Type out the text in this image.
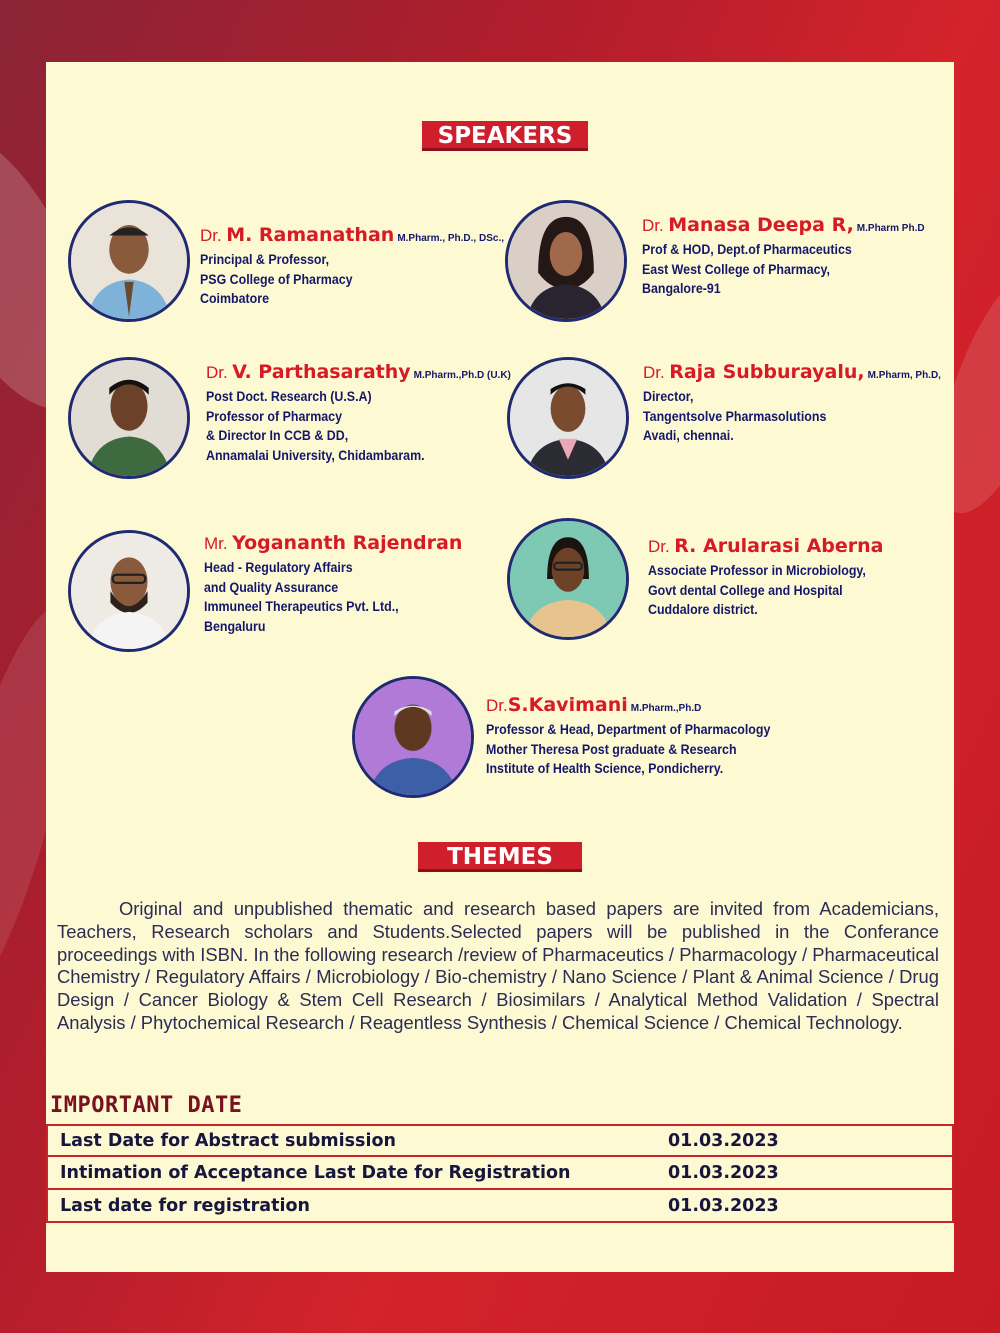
SPEAKERS
Dr. M. Ramanathan M.Pharm., Ph.D., DSc.,
Principal & Professor,
PSG College of Pharmacy
Coimbatore
Dr. Manasa Deepa R, M.Pharm Ph.D
Prof & HOD, Dept.of Pharmaceutics
East West College of Pharmacy,
Bangalore-91
Dr. V. Parthasarathy M.Pharm.,Ph.D (U.K)
Post Doct. Research (U.S.A)
Professor of Pharmacy
& Director In CCB & DD,
Annamalai University, Chidambaram.
Dr. Raja Subburayalu, M.Pharm, Ph.D,
Director,
Tangentsolve Pharmasolutions
Avadi, chennai.
Mr. Yogananth Rajendran
Head - Regulatory Affairs
and Quality Assurance
Immuneel Therapeutics Pvt. Ltd.,
Bengaluru
Dr. R. Arularasi Aberna
Associate Professor in Microbiology,
Govt dental College and Hospital
Cuddalore district.
Dr.S.Kavimani M.Pharm.,Ph.D
Professor & Head, Department of Pharmacology
Mother Theresa Post graduate & Research
Institute of Health Science, Pondicherry.
THEMES

Original and unpublished thematic and research based papers are invited from Academicians, Teachers, Research scholars and Students.Selected papers will be published in the Conferance proceedings with ISBN. In the following research /review of Pharmaceutics / Pharmacology / Pharmaceutical Chemistry / Regulatory Affairs / Microbiology / Bio-chemistry / Nano Science / Plant & Animal Science / Drug Design / Cancer Biology & Stem Cell Research / Biosimilars / Analytical Method Validation / Spectral Analysis / Phytochemical Research / Reagentless Synthesis / Chemical Science / Chemical Technology.

IMPORTANT DATE
Last Date for Abstract submission	01.03.2023
Intimation of Acceptance Last Date for Registration	01.03.2023
Last date for registration	01.03.2023
